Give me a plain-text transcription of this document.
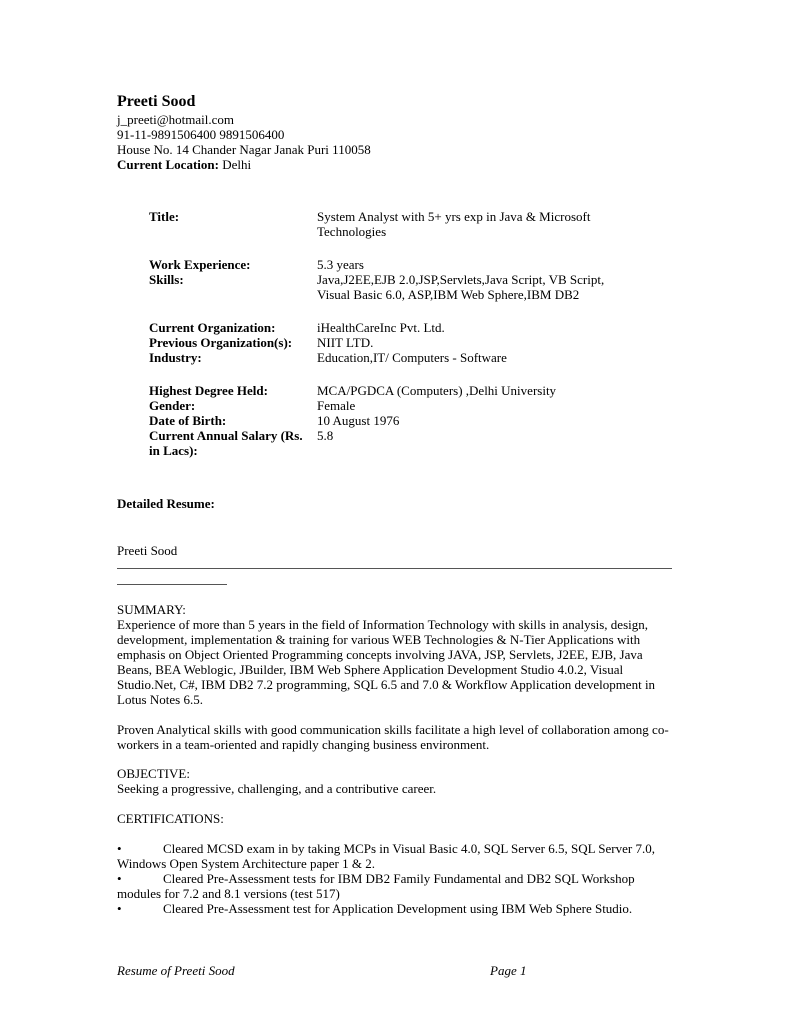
Preeti Sood
j_preeti@hotmail.com
91-11-9891506400 9891506400
House No. 14 Chander Nagar Janak Puri 110058
Current Location: Delhi
Title:	System Analyst with 5+ yrs exp in Java & Microsoft Technologies
Work Experience:	5.3 years
Skills:	Java,J2EE,EJB 2.0,JSP,Servlets,Java Script, VB Script, Visual Basic 6.0, ASP,IBM Web Sphere,IBM DB2
Current Organization:	iHealthCareInc Pvt. Ltd.
Previous Organization(s):	NIIT LTD.
Industry:	Education,IT/ Computers - Software
Highest Degree Held:	MCA/PGDCA (Computers) ,Delhi University
Gender:	Female
Date of Birth:	10 August 1976
Current Annual Salary (Rs. in Lacs):
5.8
Detailed Resume:
Preeti Sood

SUMMARY:

Experience of more than 5 years in the field of Information Technology with skills in analysis, design, development, implementation & training for various WEB Technologies & N-Tier Applications with emphasis on Object Oriented Programming concepts involving JAVA, JSP, Servlets, J2EE, EJB, Java Beans, BEA Weblogic, JBuilder, IBM Web Sphere Application Development Studio 4.0.2, Visual Studio.Net, C#, IBM DB2 7.2 programming, SQL 6.5 and 7.0 & Workflow Application development in Lotus Notes 6.5.

Proven Analytical skills with good communication skills facilitate a high level of collaboration among co-workers in a team-oriented and rapidly changing business environment.

OBJECTIVE:

Seeking a progressive, challenging, and a contributive career.

CERTIFICATIONS:

•	Cleared MCSD exam in by taking MCPs in Visual Basic 4.0, SQL Server 6.5, SQL Server 7.0, Windows Open System Architecture paper 1 & 2.
•	Cleared Pre-Assessment tests for IBM DB2 Family Fundamental and DB2 SQL Workshop modules for 7.2 and 8.1 versions (test 517)
•	Cleared Pre-Assessment test for Application Development using IBM Web Sphere Studio.
Resume of Preeti Sood	Page 1
